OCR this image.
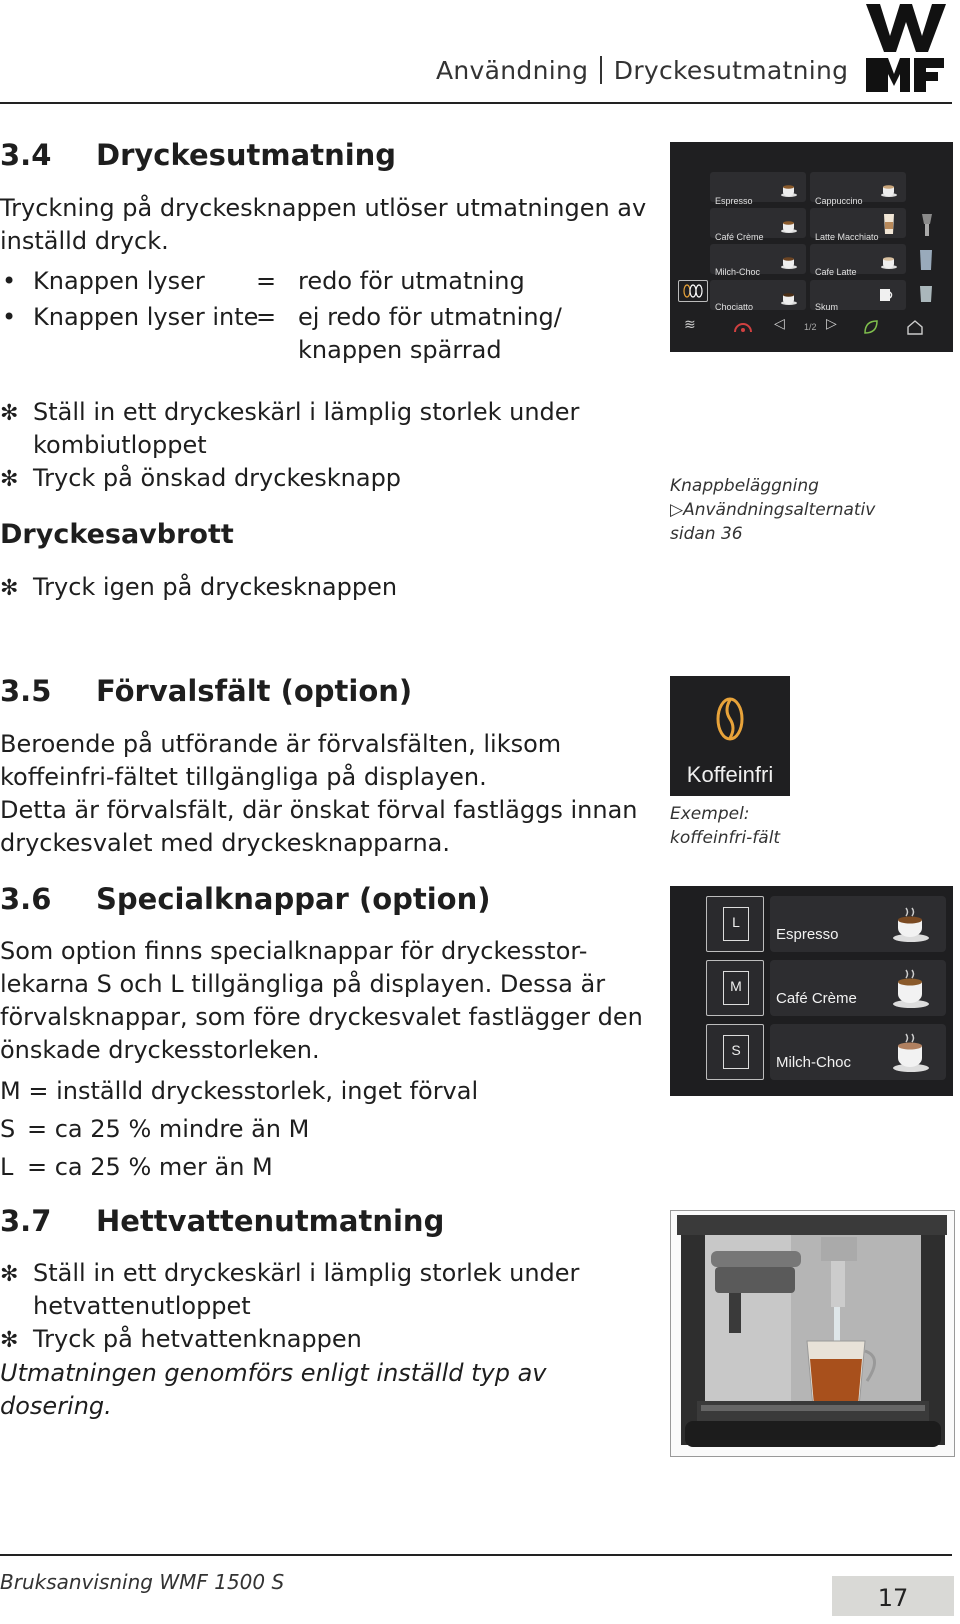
Användning Dryckesutmatning
3.4 Dryckesutmatning
Tryckning på dryckesknappen utlöser utmatningen av
inställd dryck.
• Knappen lyser = redo för utmatning
• Knappen lyser inte
= ej redo för utmatning/
knappen spärrad
✻ Ställ in ett dryckeskärl i lämplig storlek under
kombiutloppet
✻ Tryck på önskad dryckesknapp
Dryckesavbrott
✻ Tryck igen på dryckesknappen
Espresso	Cappuccino
Café Crème	Latte Macchiato
Milch-Choc	Cafe Latte
Chociatto	Skum
≋	◁ 1/2 ▷
Knappbeläggning
▷Användningsalternativ
sidan 36
3.5 Förvalsfält (option)
Beroende på utförande är förvalsfälten, liksom
koffeinfri-fältet tillgängliga på displayen.
Detta är förvalsfält, där önskat förval fastläggs innan
dryckesvalet med dryckesknapparna.
Koffeinfri
Exempel:
koffeinfri-fält
3.6 Specialknappar (option)
Som option finns specialknappar för dryckesstor-
lekarna S och L tillgängliga på displayen. Dessa är
förvalsknappar, som före dryckesvalet fastlägger den
önskade dryckesstorleken.
M = inställd dryckesstorlek, inget förval
S = ca 25 % mindre än M
L = ca 25 % mer än M
L
M
S
Espresso
Café Crème
Milch-Choc
3.7 Hettvattenutmatning
✻ Ställ in ett dryckeskärl i lämplig storlek under
hetvattenutloppet
✻ Tryck på hetvattenknappen
Utmatningen genomförs enligt inställd typ av
dosering.
Bruksanvisning WMF 1500 S
17
